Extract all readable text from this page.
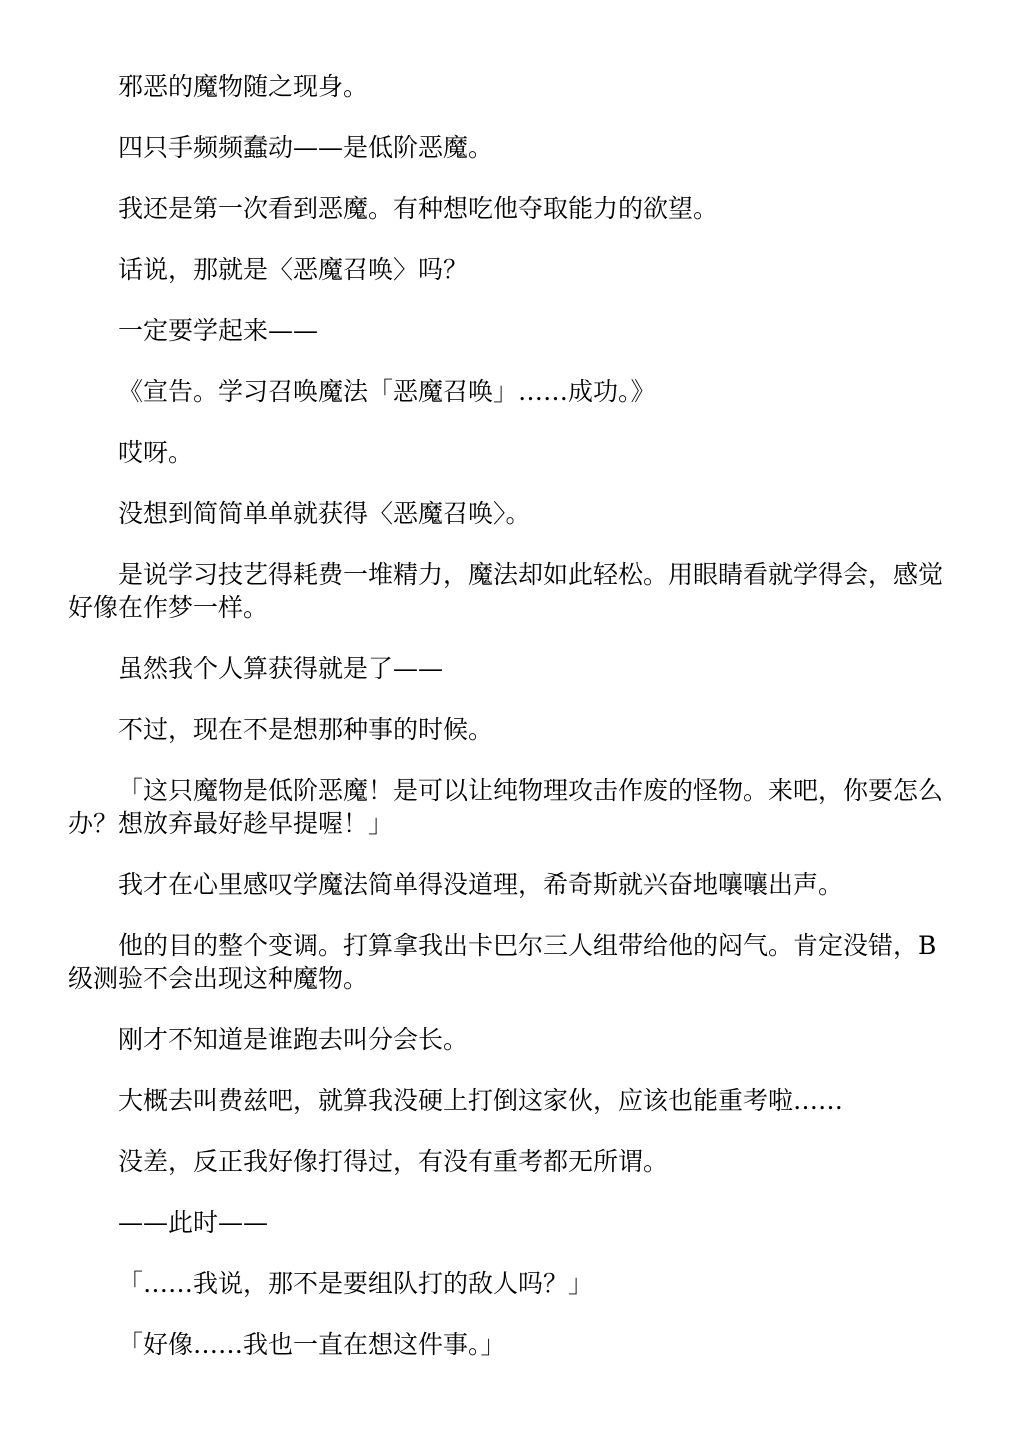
邪恶的魔物随之现身。

四只手频频蠢动——是低阶恶魔。

我还是第一次看到恶魔。有种想吃他夺取能力的欲望。

话说，那就是〈恶魔召唤〉吗？

一定要学起来——

《宣告。学习召唤魔法「恶魔召唤」……成功。》

哎呀。

没想到简简单单就获得〈恶魔召唤〉。

是说学习技艺得耗费一堆精力，魔法却如此轻松。用眼睛看就学得会，感觉好像在作梦一样。

虽然我个人算获得就是了——

不过，现在不是想那种事的时候。

「这只魔物是低阶恶魔！是可以让纯物理攻击作废的怪物。来吧，你要怎么办？想放弃最好趁早提喔！」

我才在心里感叹学魔法简单得没道理，希奇斯就兴奋地嚷嚷出声。

他的目的整个变调。打算拿我出卡巴尔三人组带给他的闷气。肯定没错，B级测验不会出现这种魔物。

刚才不知道是谁跑去叫分会长。

大概去叫费兹吧，就算我没硬上打倒这家伙，应该也能重考啦……

没差，反正我好像打得过，有没有重考都无所谓。

——此时——

「……我说，那不是要组队打的敌人吗？」

「好像……我也一直在想这件事。」
